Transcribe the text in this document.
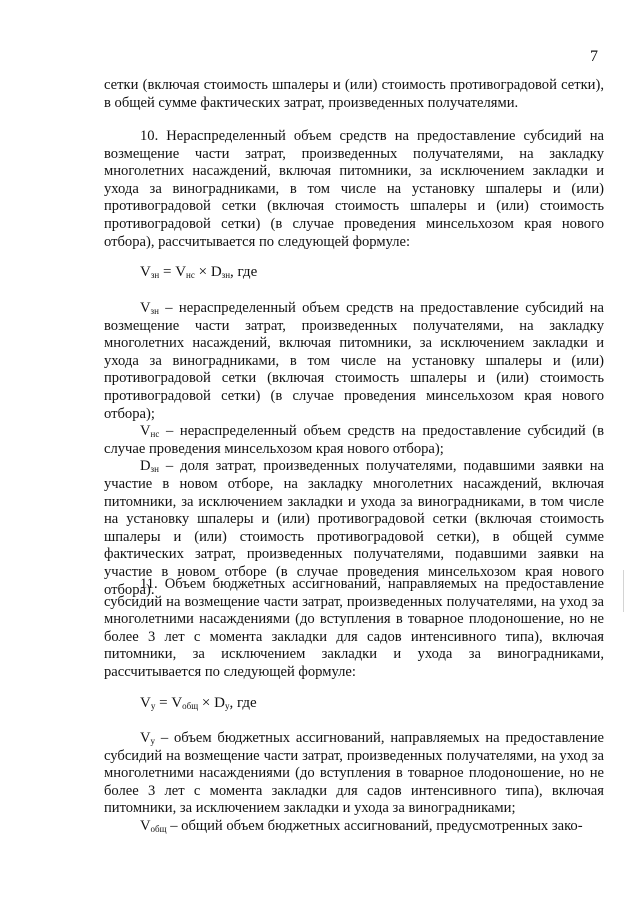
7

сетки (включая стоимость шпалеры и (или) стоимость противоградовой сетки), в общей сумме фактических затрат, произведенных получателями.

10. Нераспределенный объем средств на предоставление субсидий на возмещение части затрат, произведенных получателями, на закладку многолетних насаждений, включая питомники, за исключением закладки и ухода за виноградниками, в том числе на установку шпалеры и (или) противоградовой сетки (включая стоимость шпалеры и (или) стоимость противоградовой сетки) (в случае проведения минсельхозом края нового отбора), рассчитывается по следующей формуле:

$V_{зн} = V_{нс} \times D_{зн}$, где

$V_{зн}$ – нераспределенный объем средств на предоставление субсидий на возмещение части затрат, произведенных получателями, на закладку многолетних насаждений, включая питомники, за исключением закладки и ухода за виноградниками, в том числе на установку шпалеры и (или) противоградовой сетки (включая стоимость шпалеры и (или) стоимость противоградовой сетки) (в случае проведения минсельхозом края нового отбора);

$V_{нс}$ – нераспределенный объем средств на предоставление субсидий (в случае проведения минсельхозом края нового отбора);

$D_{зн}$ – доля затрат, произведенных получателями, подавшими заявки на участие в новом отборе, на закладку многолетних насаждений, включая питомники, за исключением закладки и ухода за виноградниками, в том числе на установку шпалеры и (или) противоградовой сетки (включая стоимость шпалеры и (или) стоимость противоградовой сетки), в общей сумме фактических затрат, произведенных получателями, подавшими заявки на участие в новом отборе (в случае проведения минсельхозом края нового отбора).

11. Объем бюджетных ассигнований, направляемых на предоставление субсидий на возмещение части затрат, произведенных получателями, на уход за многолетними насаждениями (до вступления в товарное плодоношение, но не более 3 лет с момента закладки для садов интенсивного типа), включая питомники, за исключением закладки и ухода за виноградниками, рассчитывается по следующей формуле:

$V_у = V_{общ} \times D_у$, где

$V_у$ – объем бюджетных ассигнований, направляемых на предоставление субсидий на возмещение части затрат, произведенных получателями, на уход за многолетними насаждениями (до вступления в товарное плодоношение, но не более 3 лет с момента закладки для садов интенсивного типа), включая питомники, за исключением закладки и ухода за виноградниками;

$V_{общ}$ – общий объем бюджетных ассигнований, предусмотренных зако-
